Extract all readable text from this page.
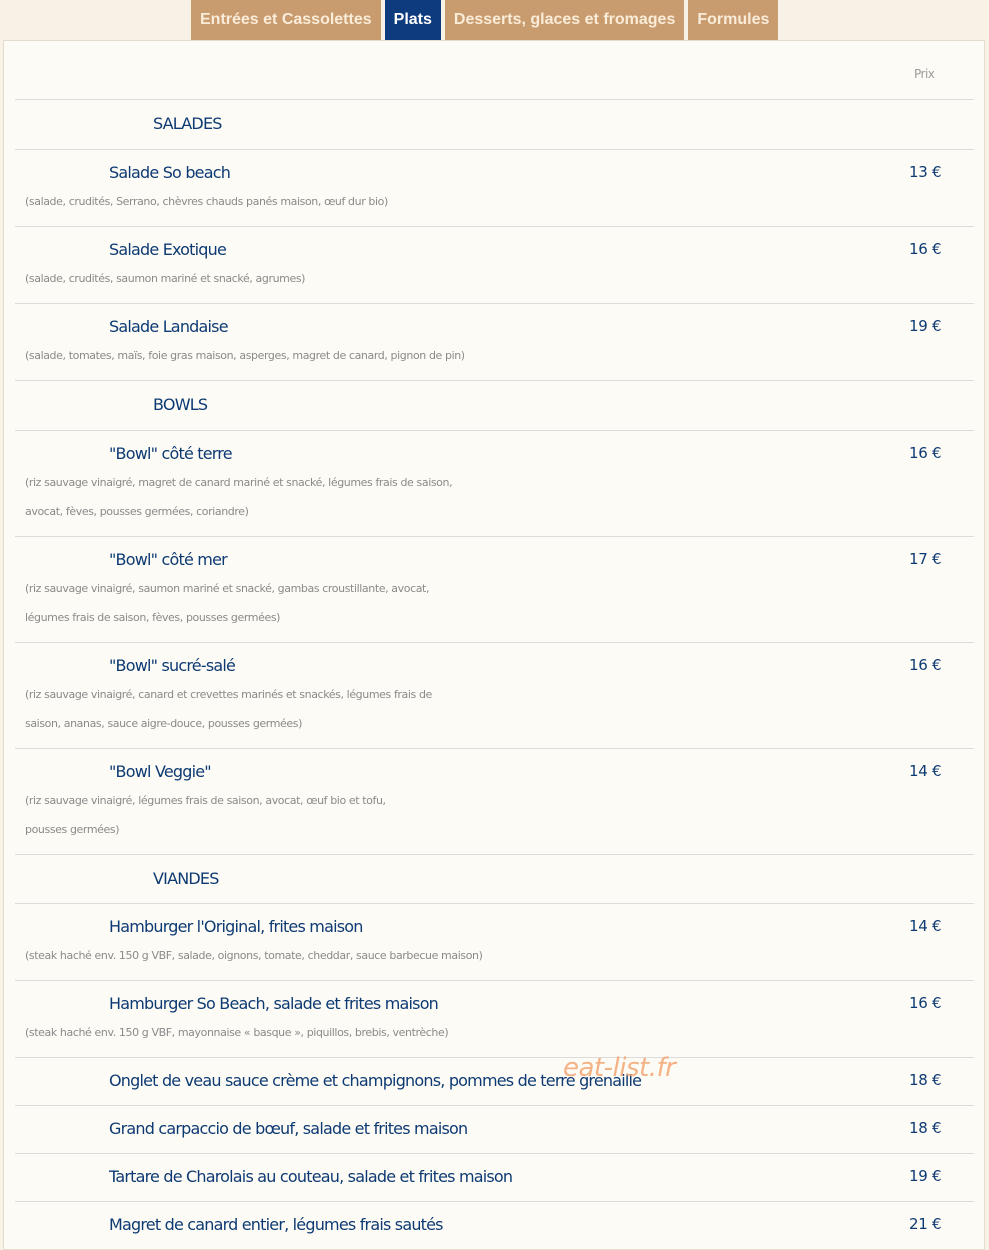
Entrées et Cassolettes	Plats	Desserts, glaces et fromages	Formules
Prix
SALADES
Salade So beach
(salade, crudités, Serrano, chèvres chauds panés maison, œuf dur bio)
13 €
Salade Exotique
(salade, crudités, saumon mariné et snacké, agrumes)
16 €
Salade Landaise
(salade, tomates, maïs, foie gras maison, asperges, magret de canard, pignon de pin)
19 €
BOWLS
"Bowl" côté terre
(riz sauvage vinaigré, magret de canard mariné et snacké, légumes frais de saison, avocat, fèves, pousses germées, coriandre)
16 €
"Bowl" côté mer
(riz sauvage vinaigré, saumon mariné et snacké, gambas croustillante, avocat, légumes frais de saison, fèves, pousses germées)
17 €
"Bowl" sucré-salé
(riz sauvage vinaigré, canard et crevettes marinés et snackés, légumes frais de saison, ananas, sauce aigre-douce, pousses germées)
16 €
"Bowl Veggie"
(riz sauvage vinaigré, légumes frais de saison, avocat, œuf bio et tofu, pousses germées)
14 €
VIANDES
Hamburger l'Original, frites maison
(steak haché env. 150 g VBF, salade, oignons, tomate, cheddar, sauce barbecue maison)
14 €
Hamburger So Beach, salade et frites maison
(steak haché env. 150 g VBF, mayonnaise « basque », piquillos, brebis, ventrèche)
16 €
Onglet de veau sauce crème et champignons, pommes de terre grenaille	18 €
Grand carpaccio de bœuf, salade et frites maison	18 €
Tartare de Charolais au couteau, salade et frites maison	19 €
Magret de canard entier, légumes frais sautés	21 €
eat-list.fr
